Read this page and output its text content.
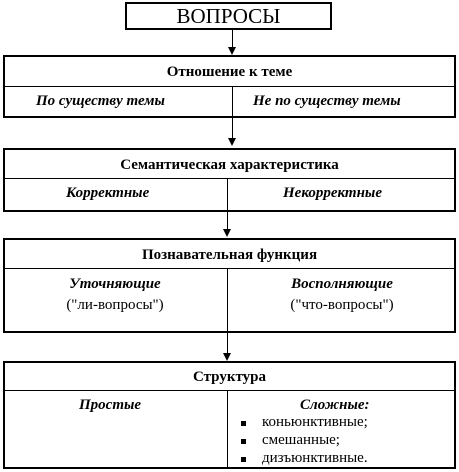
ВОПРОСЫ
Отношение к теме
По существу темы	Не по существу темы
Семантическая характеристика
Корректные	Некорректные
Познавательная функция
Уточняющие
("ли-вопросы")
Восполняющие
("что-вопросы")
Структура
Простые	Сложные:
коньюнктивные;
смешанные;
дизъюнктивные.
